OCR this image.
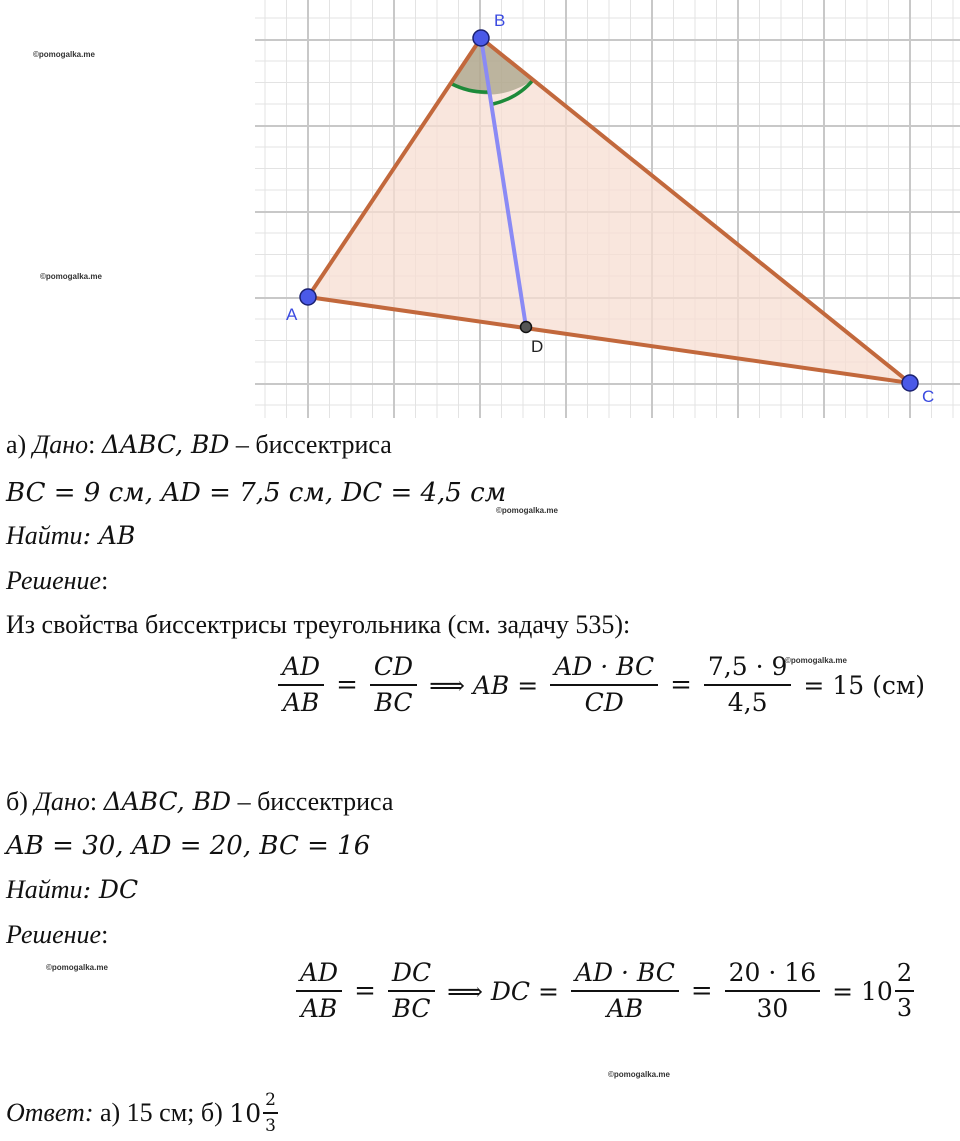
A
B
C
D
©pomogalka.me
©pomogalka.me
©pomogalka.me
©pomogalka.me
©pomogalka.me
©pomogalka.me
а) Дано: ΔABC, BD – биссектриса
BC = 9 см, AD = 7,5 см, DC = 4,5 см
Найти: AB
Решение:
Из свойства биссектрисы треугольника (см. задачу 535):
$\frac{AD}{AB} = \frac{CD}{BC}$ ⟹ AB = $\frac{AD \cdot BC}{CD} = \frac{7,5 \cdot 9}{4,5} = 15$ (см)
б) Дано: ΔABC, BD – биссектриса
AB = 30, AD = 20, BC = 16
Найти: DC
Решение:
$\frac{AD}{AB} = \frac{DC}{BC}$ ⟹ DC = $\frac{AD \cdot BC}{AB} = \frac{20 \cdot 16}{30} = 10 \frac{2}{3}$
Ответ: а) 15 см; б) $10 \frac{2}{3}$
